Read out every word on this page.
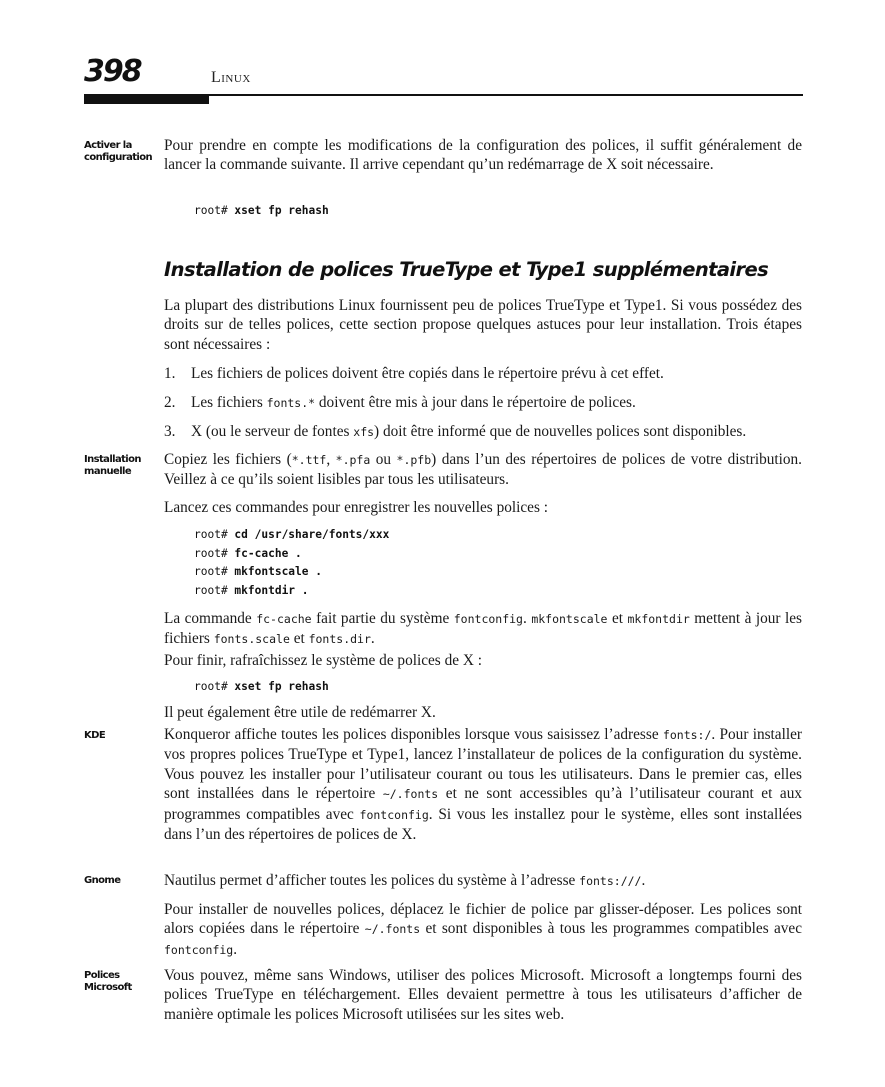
398	Linux
Activer la
configuration
Installation
manuelle
KDE
Gnome
Polices
Microsoft
Pour prendre en compte les modifications de la configuration des polices, il suffit généralement de lancer la commande suivante. Il arrive cependant qu’un redémarrage de X soit nécessaire.
root# xset fp rehash
Installation de polices TrueType et Type1 supplémentaires
La plupart des distributions Linux fournissent peu de polices TrueType et Type1. Si vous possédez des droits sur de telles polices, cette section propose quelques astuces pour leur installation. Trois étapes sont nécessaires :
1. Les fichiers de polices doivent être copiés dans le répertoire prévu à cet effet.
2. Les fichiers fonts.* doivent être mis à jour dans le répertoire de polices.
3. X (ou le serveur de fontes xfs) doit être informé que de nouvelles polices sont disponibles.
Copiez les fichiers (*.ttf, *.pfa ou *.pfb) dans l’un des répertoires de polices de votre distribution. Veillez à ce qu’ils soient lisibles par tous les utilisateurs.
Lancez ces commandes pour enregistrer les nouvelles polices :
root# cd /usr/share/fonts/xxx
root# fc-cache .
root# mkfontscale .
root# mkfontdir .
La commande fc-cache fait partie du système fontconfig. mkfontscale et mkfontdir mettent à jour les fichiers fonts.scale et fonts.dir.
Pour finir, rafraîchissez le système de polices de X :
root# xset fp rehash
Il peut également être utile de redémarrer X.
Konqueror affiche toutes les polices disponibles lorsque vous saisissez l’adresse fonts:/. Pour installer vos propres polices TrueType et Type1, lancez l’installateur de polices de la configuration du système. Vous pouvez les installer pour l’utilisateur courant ou tous les utilisateurs. Dans le premier cas, elles sont installées dans le répertoire ~/.fonts et ne sont accessibles qu’à l’utilisateur courant et aux programmes compatibles avec fontconfig. Si vous les installez pour le système, elles sont installées dans l’un des répertoires de polices de X.
Nautilus permet d’afficher toutes les polices du système à l’adresse fonts:///.
Pour installer de nouvelles polices, déplacez le fichier de police par glisser-déposer. Les polices sont alors copiées dans le répertoire ~/.fonts et sont disponibles à tous les programmes compatibles avec fontconfig.
Vous pouvez, même sans Windows, utiliser des polices Microsoft. Microsoft a longtemps fourni des polices TrueType en téléchargement. Elles devaient permettre à tous les utilisateurs d’afficher de manière optimale les polices Microsoft utilisées sur les sites web.
